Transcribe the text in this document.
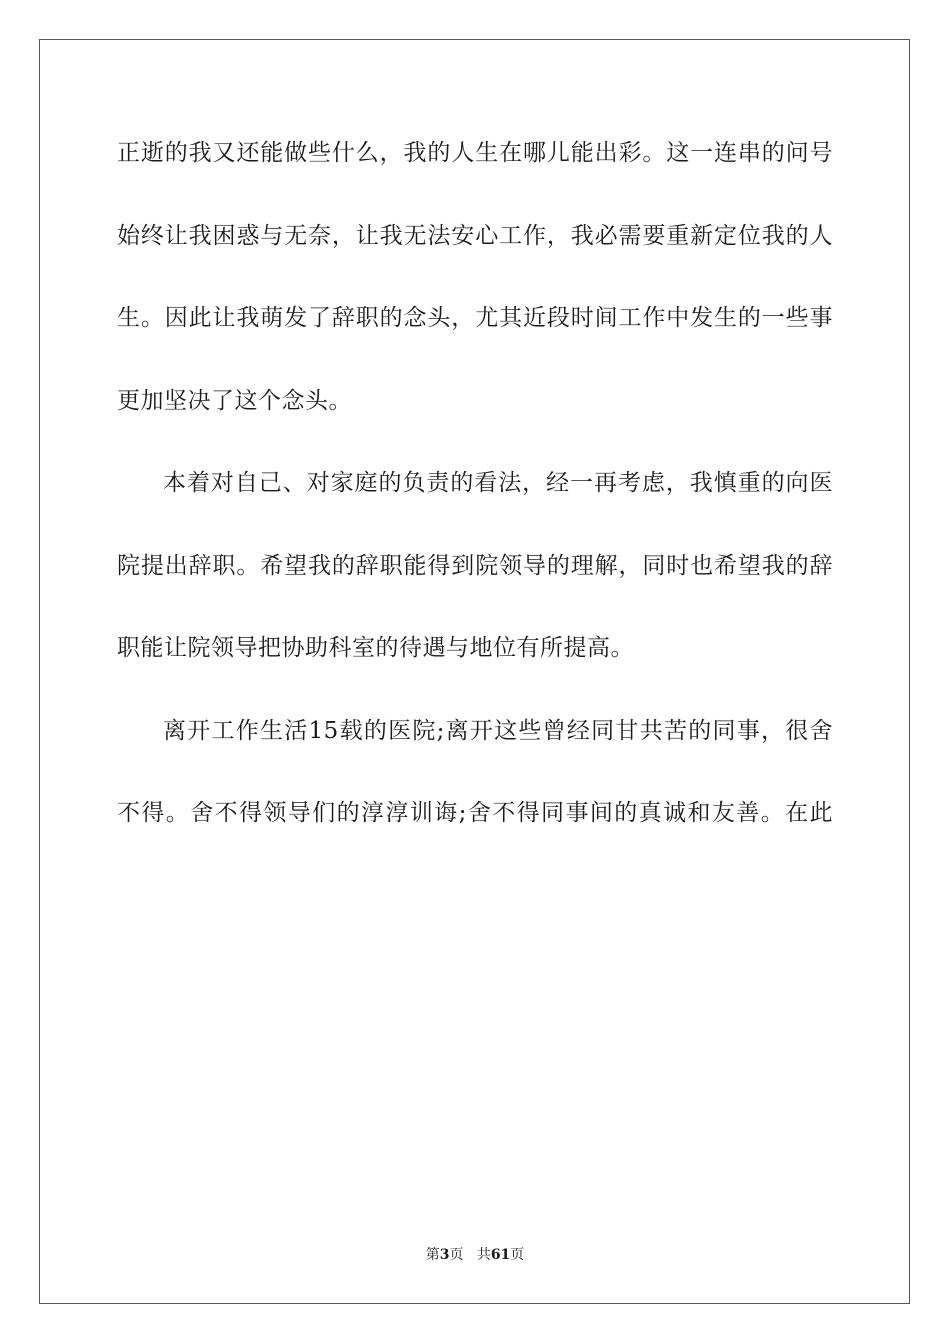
正逝的我又还能做些什么，我的人生在哪儿能出彩。这一连串的问号
始终让我困惑与无奈，让我无法安心工作，我必需要重新定位我的人
生。因此让我萌发了辞职的念头，尤其近段时间工作中发生的一些事
更加坚决了这个念头。
本着对自己、对家庭的负责的看法，经一再考虑，我慎重的向医
院提出辞职。希望我的辞职能得到院领导的理解，同时也希望我的辞
职能让院领导把协助科室的待遇与地位有所提高。
离开工作生活15载的医院;离开这些曾经同甘共苦的同事，很舍
不得。舍不得领导们的淳淳训诲;舍不得同事间的真诚和友善。在此
第3页 共61页
